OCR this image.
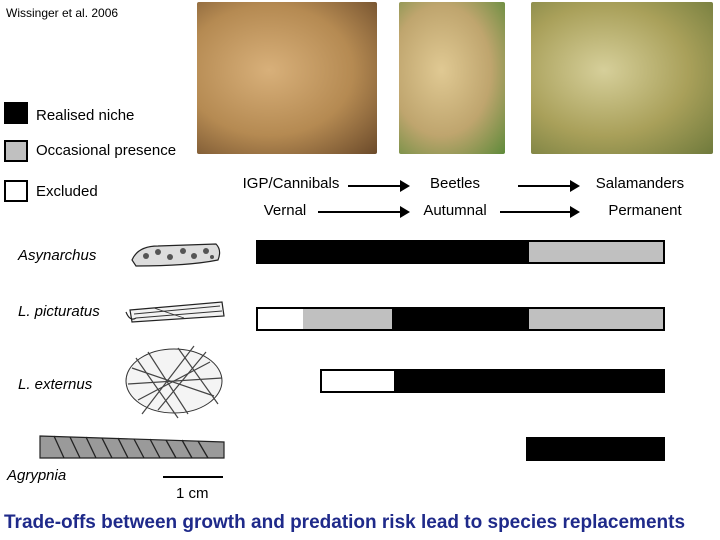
Wissinger et al. 2006
Realised niche
Occasional presence
Excluded	IGP/Cannibals	Beetles	Salamanders
Vernal	Autumnal	Permanent
Asynarchus
L. picturatus
L. externus
Agrypnia
1 cm
Trade-offs between growth and predation risk lead to species replacements
